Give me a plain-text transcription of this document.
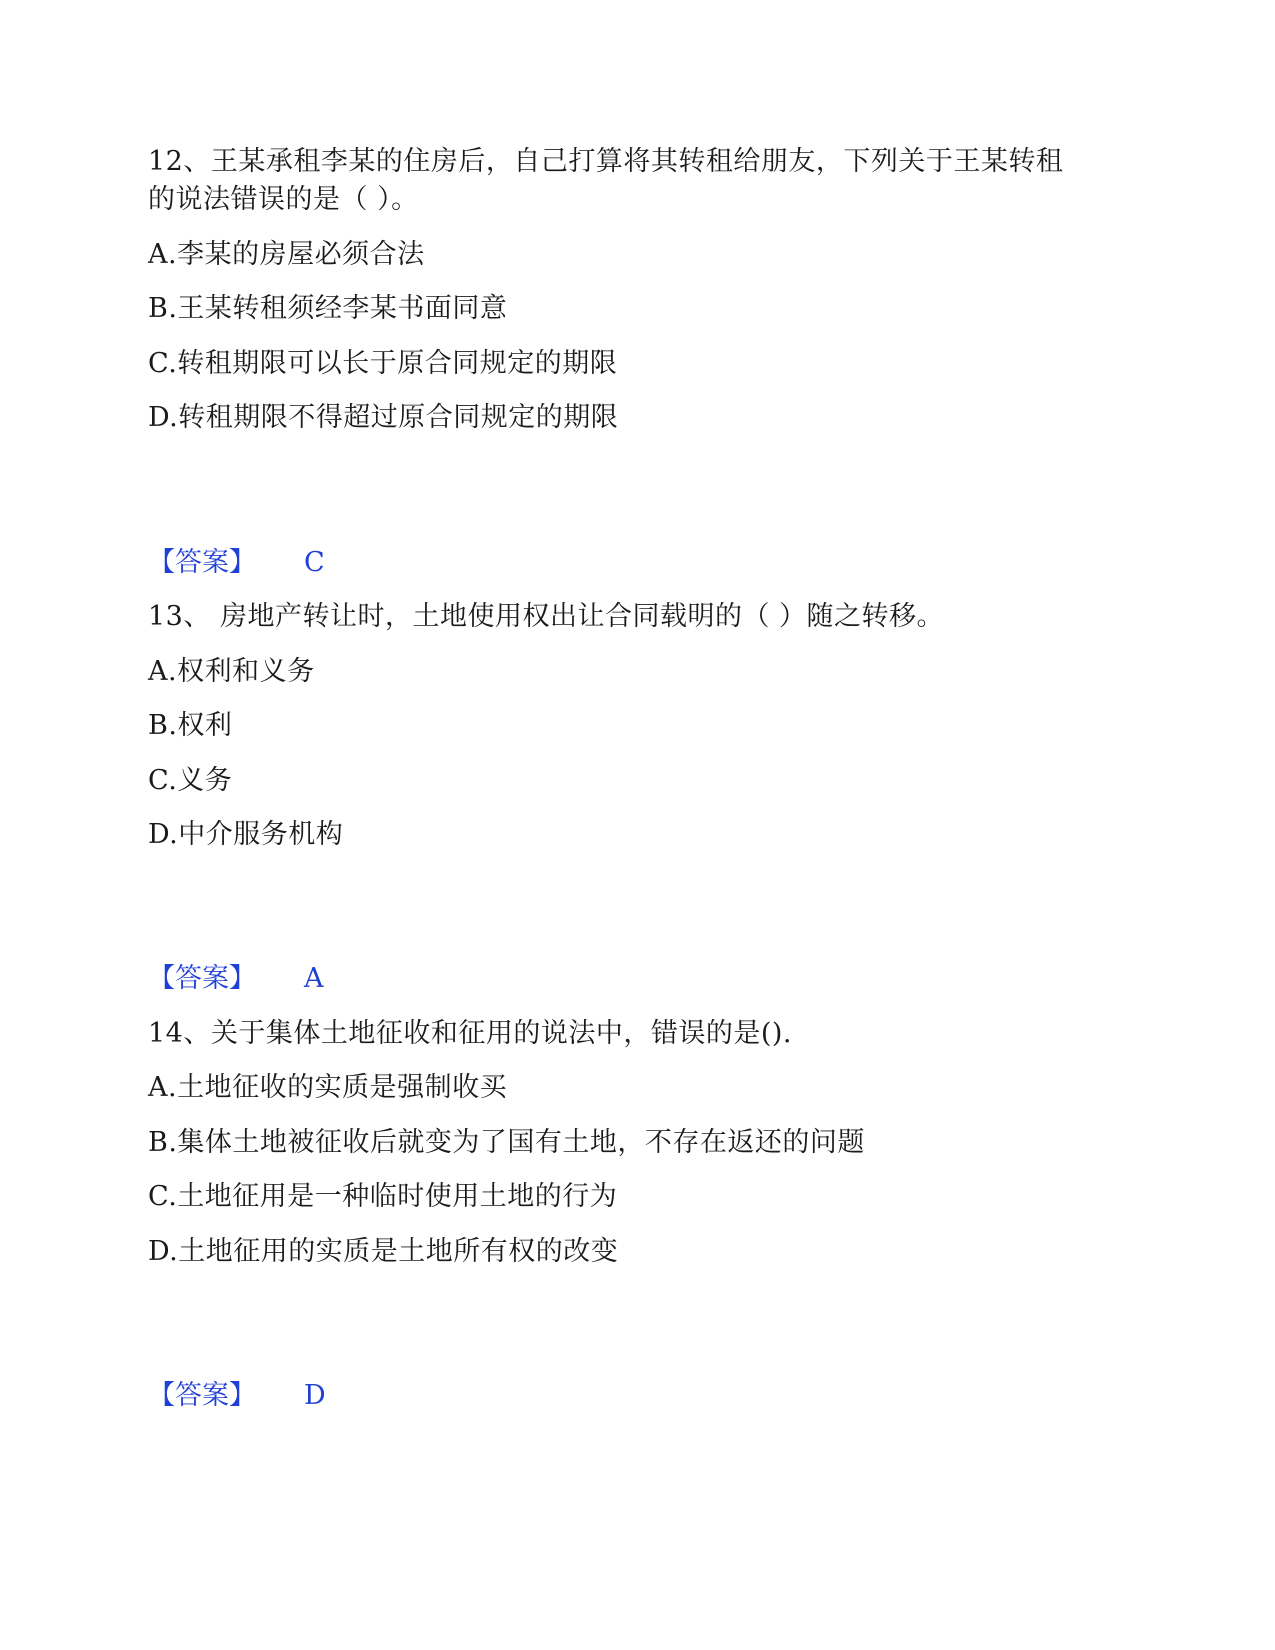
12、王某承租李某的住房后，自己打算将其转租给朋友，下列关于王某转租
的说法错误的是（ ）。
A.李某的房屋必须合法
B.王某转租须经李某书面同意
C.转租期限可以长于原合同规定的期限
D.转租期限不得超过原合同规定的期限
【答案】 C
13、 房地产转让时，土地使用权出让合同载明的（ ）随之转移。
A.权利和义务
B.权利
C.义务
D.中介服务机构
【答案】 A
14、关于集体土地征收和征用的说法中，错误的是().
A.土地征收的实质是强制收买
B.集体土地被征收后就变为了国有土地，不存在返还的问题
C.土地征用是一种临时使用土地的行为
D.土地征用的实质是土地所有权的改变
【答案】 D
